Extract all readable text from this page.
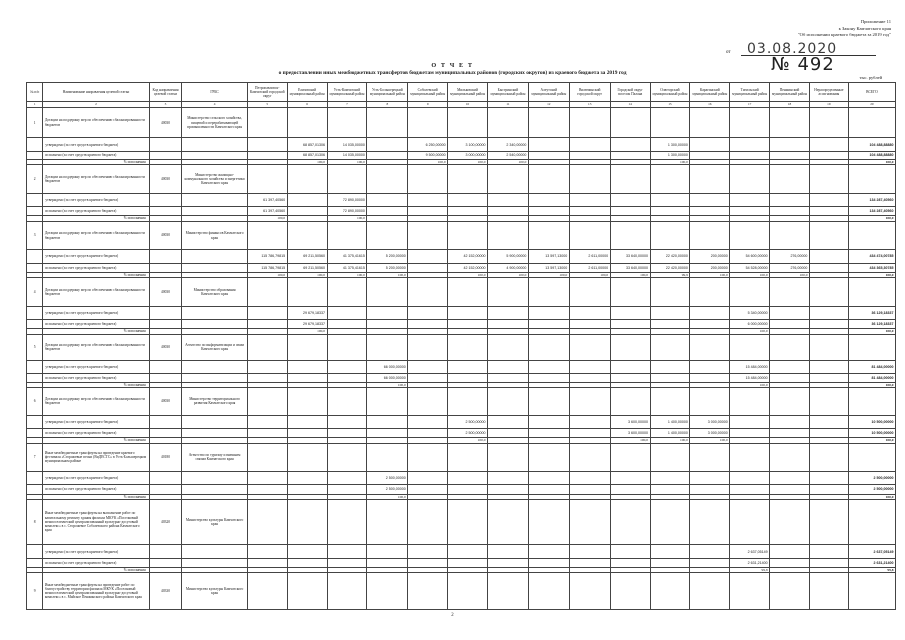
Приложение 11
к Закону Камчатского края
"Об исполнении краевого бюджета за 2019 год"
от 03.08.2020
№ 492
О Т Ч Е Т
о предоставлении иных межбюджетных трансфертов бюджетам муниципальных районов (городских округов) из краевого бюджета за 2019 год
тыс. рублей
№ п/п	Наименование направления целевой статьи	Код направления целевой статьи	ГРБС	Петропавловск-Камчатский городской округ	Елизовский муниципальный район	Усть-Камчатский муниципальный район	Усть-Большерецкий муниципальный район	Соболевский муниципальный район	Мильковский муниципальный район	Быстринский муниципальный район	Алеутский муниципальный район	Вилючинский городской округ	Городской округ поселок Палана	Олюторский муниципальный район	Карагинский муниципальный район	Тигильский муниципальный район	Пенжинский муниципальный район	Нераспределенные ассигнования	ВСЕГО
1	2	3	4	5	6	7	8	9	10	11	12	13	14	15	16	17	18	19	20
1	Дотации на поддержку мер по обеспечению сбалансированности бюджетов	40030	Министерство сельского хозяйства, пищевой и перерабатывающей промышленности Камчатского края																
	утверждено (за счет средств краевого бюджета)				68 857,01306	14 035,00000		6 250,00000	3 100,00000	2 340,00000				1 300,00000					104 488,88880
	исполнено (за счет средств краевого бюджета)				68 857,01306	14 035,00000		9 500,00000	3 000,00000	2 540,00000				1 300,00000					104 488,88880
	% исполнения				100,0	100,0		100,0	100,0	100,0				100,0					100,0
2	Дотации на поддержку мер по обеспечению сбалансированности бюджетов	40030	Министерство жилищно-коммунального хозяйства и энергетики Камчатского края																
	утверждено (за счет средств краевого бюджета)			61 397,40560		72 890,00000													134 287,40560
	исполнено (за счет средств краевого бюджета)			61 397,40560		72 890,00000													134 287,40560
	% исполнения			100,0		100,0													100,0
3	Дотации на поддержку мер по обеспечению сбалансированности бюджетов	40030	Министерство финансов Камчатского края																
	утверждено (за счет средств краевого бюджета)			115 786,79815	69 211,50560	41 375,41615	5 200,00000		42 152,00000	5 900,00000	13 597,13000	2 611,00000	33 640,00000	22 420,00000	200,00000	54 600,00000	276,00000		434 474,00785
	исполнено (за счет средств краевого бюджета)			115 786,79815	69 211,50560	41 375,41615	5 200,00000		42 152,00000	4 900,00000	13 597,13000	2 611,00000	33 640,00000	22 420,00000	200,00000	54 528,00000	276,00000		434 365,30785
	% исполнения			100,0	100,0	100,0	100,0		100,0	100,0	100,0	100,0	100,0	99,9	100,0	100,0	100,0		100,0
4	Дотации на поддержку мер по обеспечению сбалансированности бюджетов	40030	Министерство образования Камчатского края																
	утверждено (за счет средств краевого бюджета)				29 679,18337											5 340,00000			36 129,18337
	исполнено (за счет средств краевого бюджета)				29 679,18337											6 000,00000			36 129,18337
	% исполнения				100,0											100,0			100,0
5	Дотации на поддержку мер по обеспечению сбалансированности бюджетов	40030	Агентство по информатизации и связи Камчатского края																
	утверждено (за счет средств краевого бюджета)						66 000,00000									15 484,00000			81 484,00000
	исполнено (за счет средств краевого бюджета)						66 000,00000									15 484,00000			81 484,00000
	% исполнения						100,0									100,0			100,0
6	Дотации на поддержку мер по обеспечению сбалансированности бюджетов	40030	Министерство территориального развития Камчатского края																
	утверждено (за счет средств краевого бюджета)								2 500,00000				3 600,00000	1 400,00000	3 000,00000				10 500,00000
	исполнено (за счет средств краевого бюджета)								2 500,00000				3 600,00000	1 400,00000	3 000,00000				10 500,00000
	% исполнения								100,0				100,0	100,0	100,0				100,0
7	Иные межбюджетные трансферты на проведение краевого фестиваля «Сторожевые песни (ВиДЕСТС» в Усть-Большерецком муниципальном районе	40180	Агентство по туризму и внешним связям Камчатского края																
	утверждено (за счет средств краевого бюджета)						2 500,00000												2 500,00000
	исполнено (за счет средств краевого бюджета)						2 500,00000												2 500,00000
	% исполнения						100,0												100,0
8	Иные межбюджетные трансферты на выполнение работ по капитальному ремонту здания филиала МКУК «Поселковый межпоселенческий централизованный культурно-досуговый комплекс» в с. Сторожевое Соболевского района Камчатского края	40320	Министерство культуры Камчатского края																
	утверждено (за счет средств краевого бюджета)															2 637,05149			2 637,05149
	исполнено (за счет средств краевого бюджета)															2 631,21400			2 631,21400
	% исполнения															99,8			99,8
9	Иные межбюджетные трансферты на проведение работ по благоустройству территории филиала МКУК «Поселковый межпоселенческий централизованный культурно-досуговый комплекс» в с. Майское Пенжинского района Камчатского края	40330	Министерство культуры Камчатского края																
2
